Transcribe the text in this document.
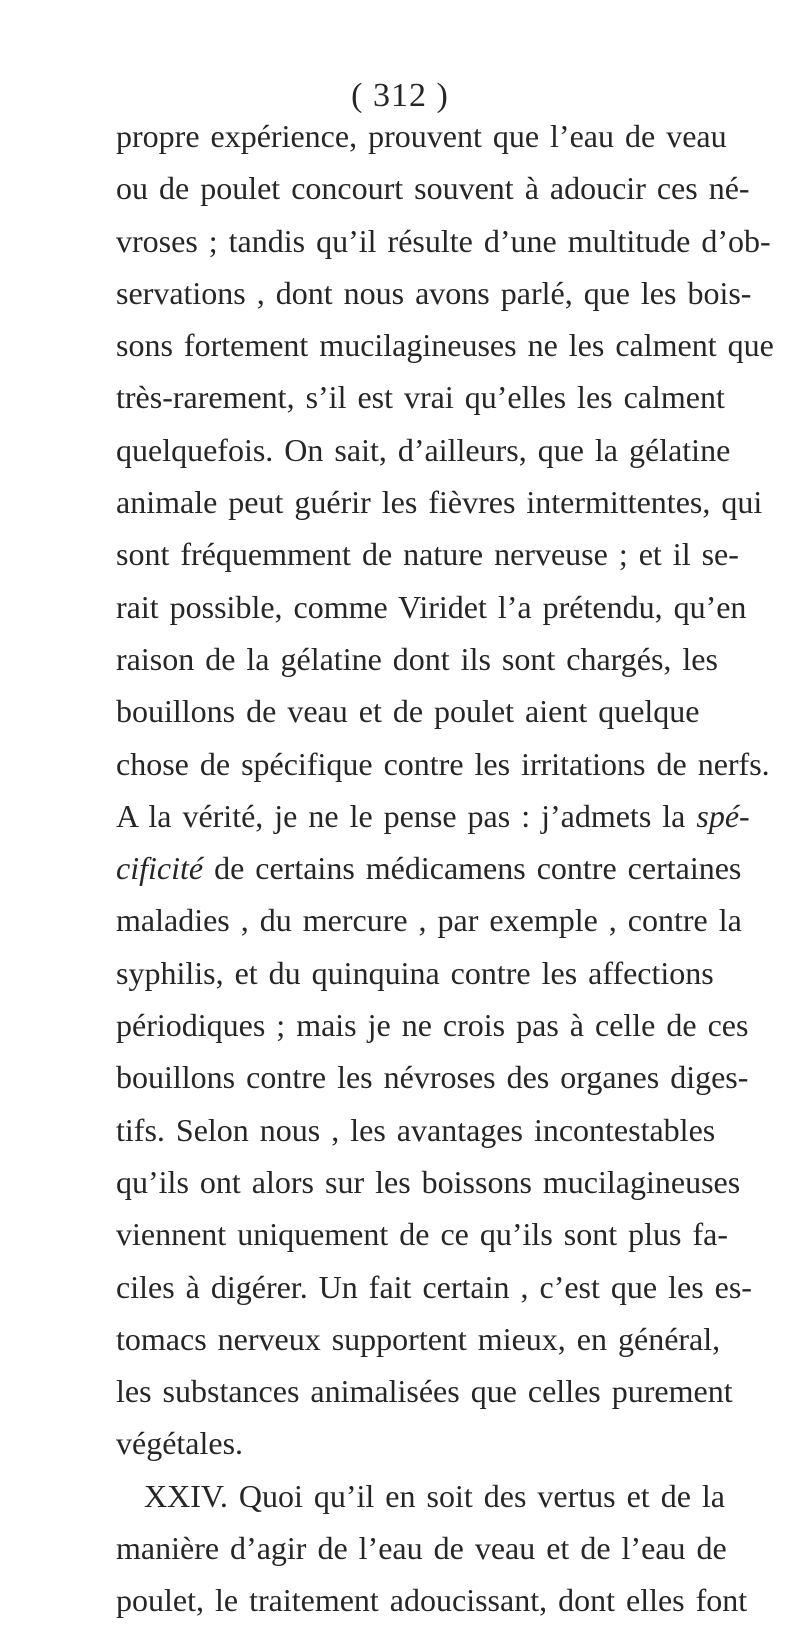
( 312 )
propre expérience, prouvent que l’eau de veau
ou de poulet concourt souvent à adoucir ces né-
vroses ; tandis qu’il résulte d’une multitude d’ob-
servations , dont nous avons parlé, que les bois-
sons fortement mucilagineuses ne les calment que
très-rarement, s’il est vrai qu’elles les calment
quelquefois. On sait, d’ailleurs, que la gélatine
animale peut guérir les fièvres intermittentes, qui
sont fréquemment de nature nerveuse ; et il se-
rait possible, comme Viridet l’a prétendu, qu’en
raison de la gélatine dont ils sont chargés, les
bouillons de veau et de poulet aient quelque
chose de spécifique contre les irritations de nerfs.
A la vérité, je ne le pense pas : j’admets la spé-
cificité de certains médicamens contre certaines
maladies , du mercure , par exemple , contre la
syphilis, et du quinquina contre les affections
périodiques ; mais je ne crois pas à celle de ces
bouillons contre les névroses des organes diges-
tifs. Selon nous , les avantages incontestables
qu’ils ont alors sur les boissons mucilagineuses
viennent uniquement de ce qu’ils sont plus fa-
ciles à digérer. Un fait certain , c’est que les es-
tomacs nerveux supportent mieux, en général,
les substances animalisées que celles purement
végétales.
XXIV. Quoi qu’il en soit des vertus et de la
manière d’agir de l’eau de veau et de l’eau de
poulet, le traitement adoucissant, dont elles font
